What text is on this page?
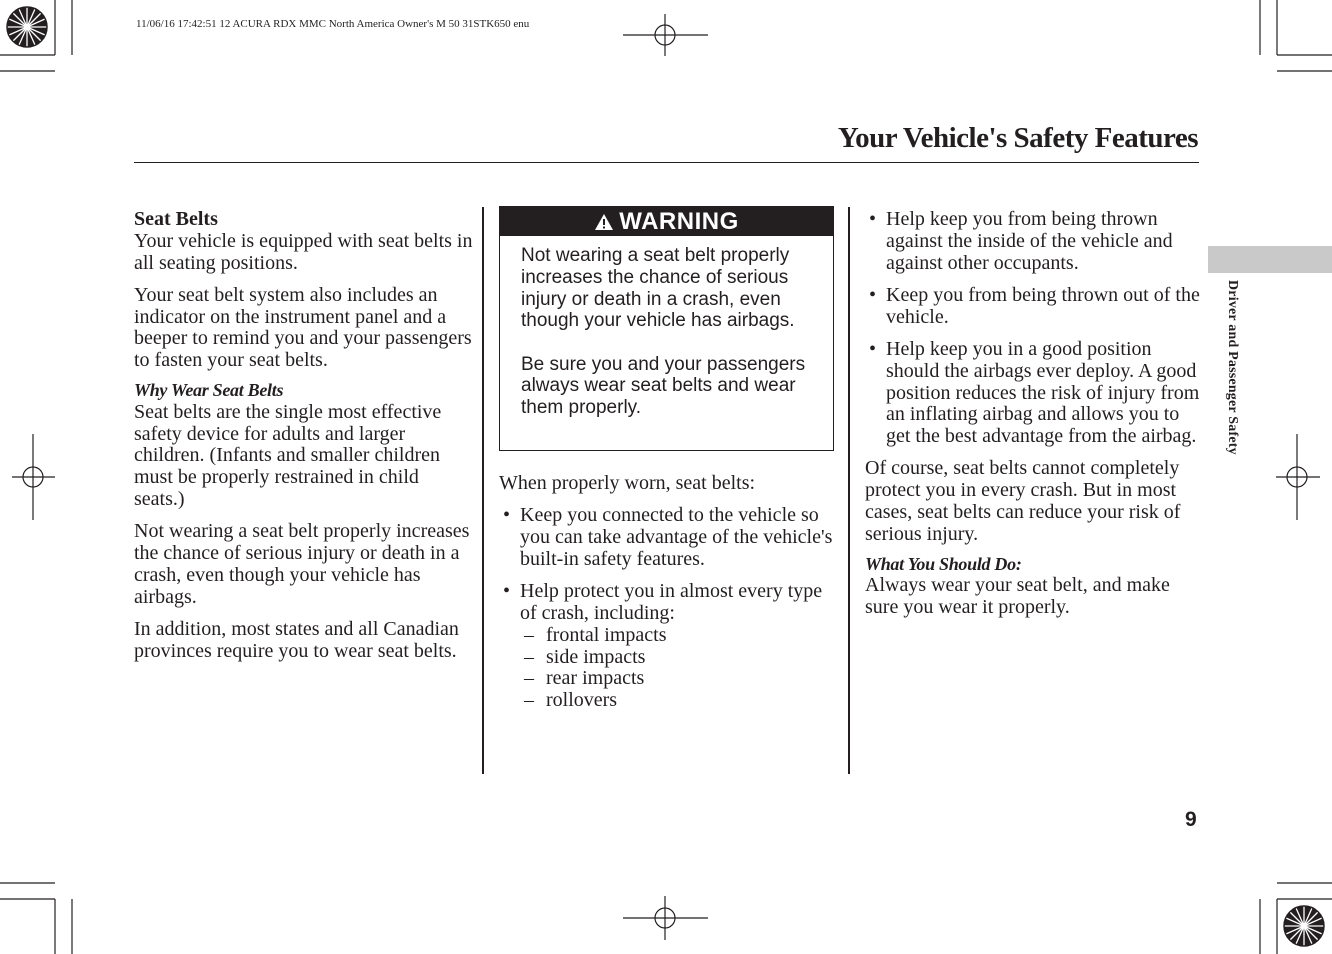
11/06/16 17:42:51 12 ACURA RDX MMC North America Owner's M 50 31STK650 enu
Your Vehicle's Safety Features
Driver and Passenger Safety

Seat Belts

Your vehicle is equipped with seat belts in all seating positions.

Your seat belt system also includes an indicator on the instrument panel and a beeper to remind you and your passengers to fasten your seat belts.

Why Wear Seat Belts

Seat belts are the single most effective safety device for adults and larger children. (Infants and smaller children must be properly restrained in child seats.)

Not wearing a seat belt properly increases the chance of serious injury or death in a crash, even though your vehicle has airbags.

In addition, most states and all Canadian provinces require you to wear seat belts.

WARNING

Not wearing a seat belt properly increases the chance of serious injury or death in a crash, even though your vehicle has airbags.

Be sure you and your passengers always wear seat belts and wear them properly.

When properly worn, seat belts:

• Keep you connected to the vehicle so you can take advantage of the vehicle's built-in safety features.
• Help protect you in almost every type of crash, including:
– frontal impacts
– side impacts
– rear impacts
– rollovers
• Help keep you from being thrown against the inside of the vehicle and against other occupants.
• Keep you from being thrown out of the vehicle.
• Help keep you in a good position should the airbags ever deploy. A good position reduces the risk of injury from an inflating airbag and allows you to get the best advantage from the airbag.

Of course, seat belts cannot completely protect you in every crash. But in most cases, seat belts can reduce your risk of serious injury.

What You Should Do:

Always wear your seat belt, and make sure you wear it properly.

9
